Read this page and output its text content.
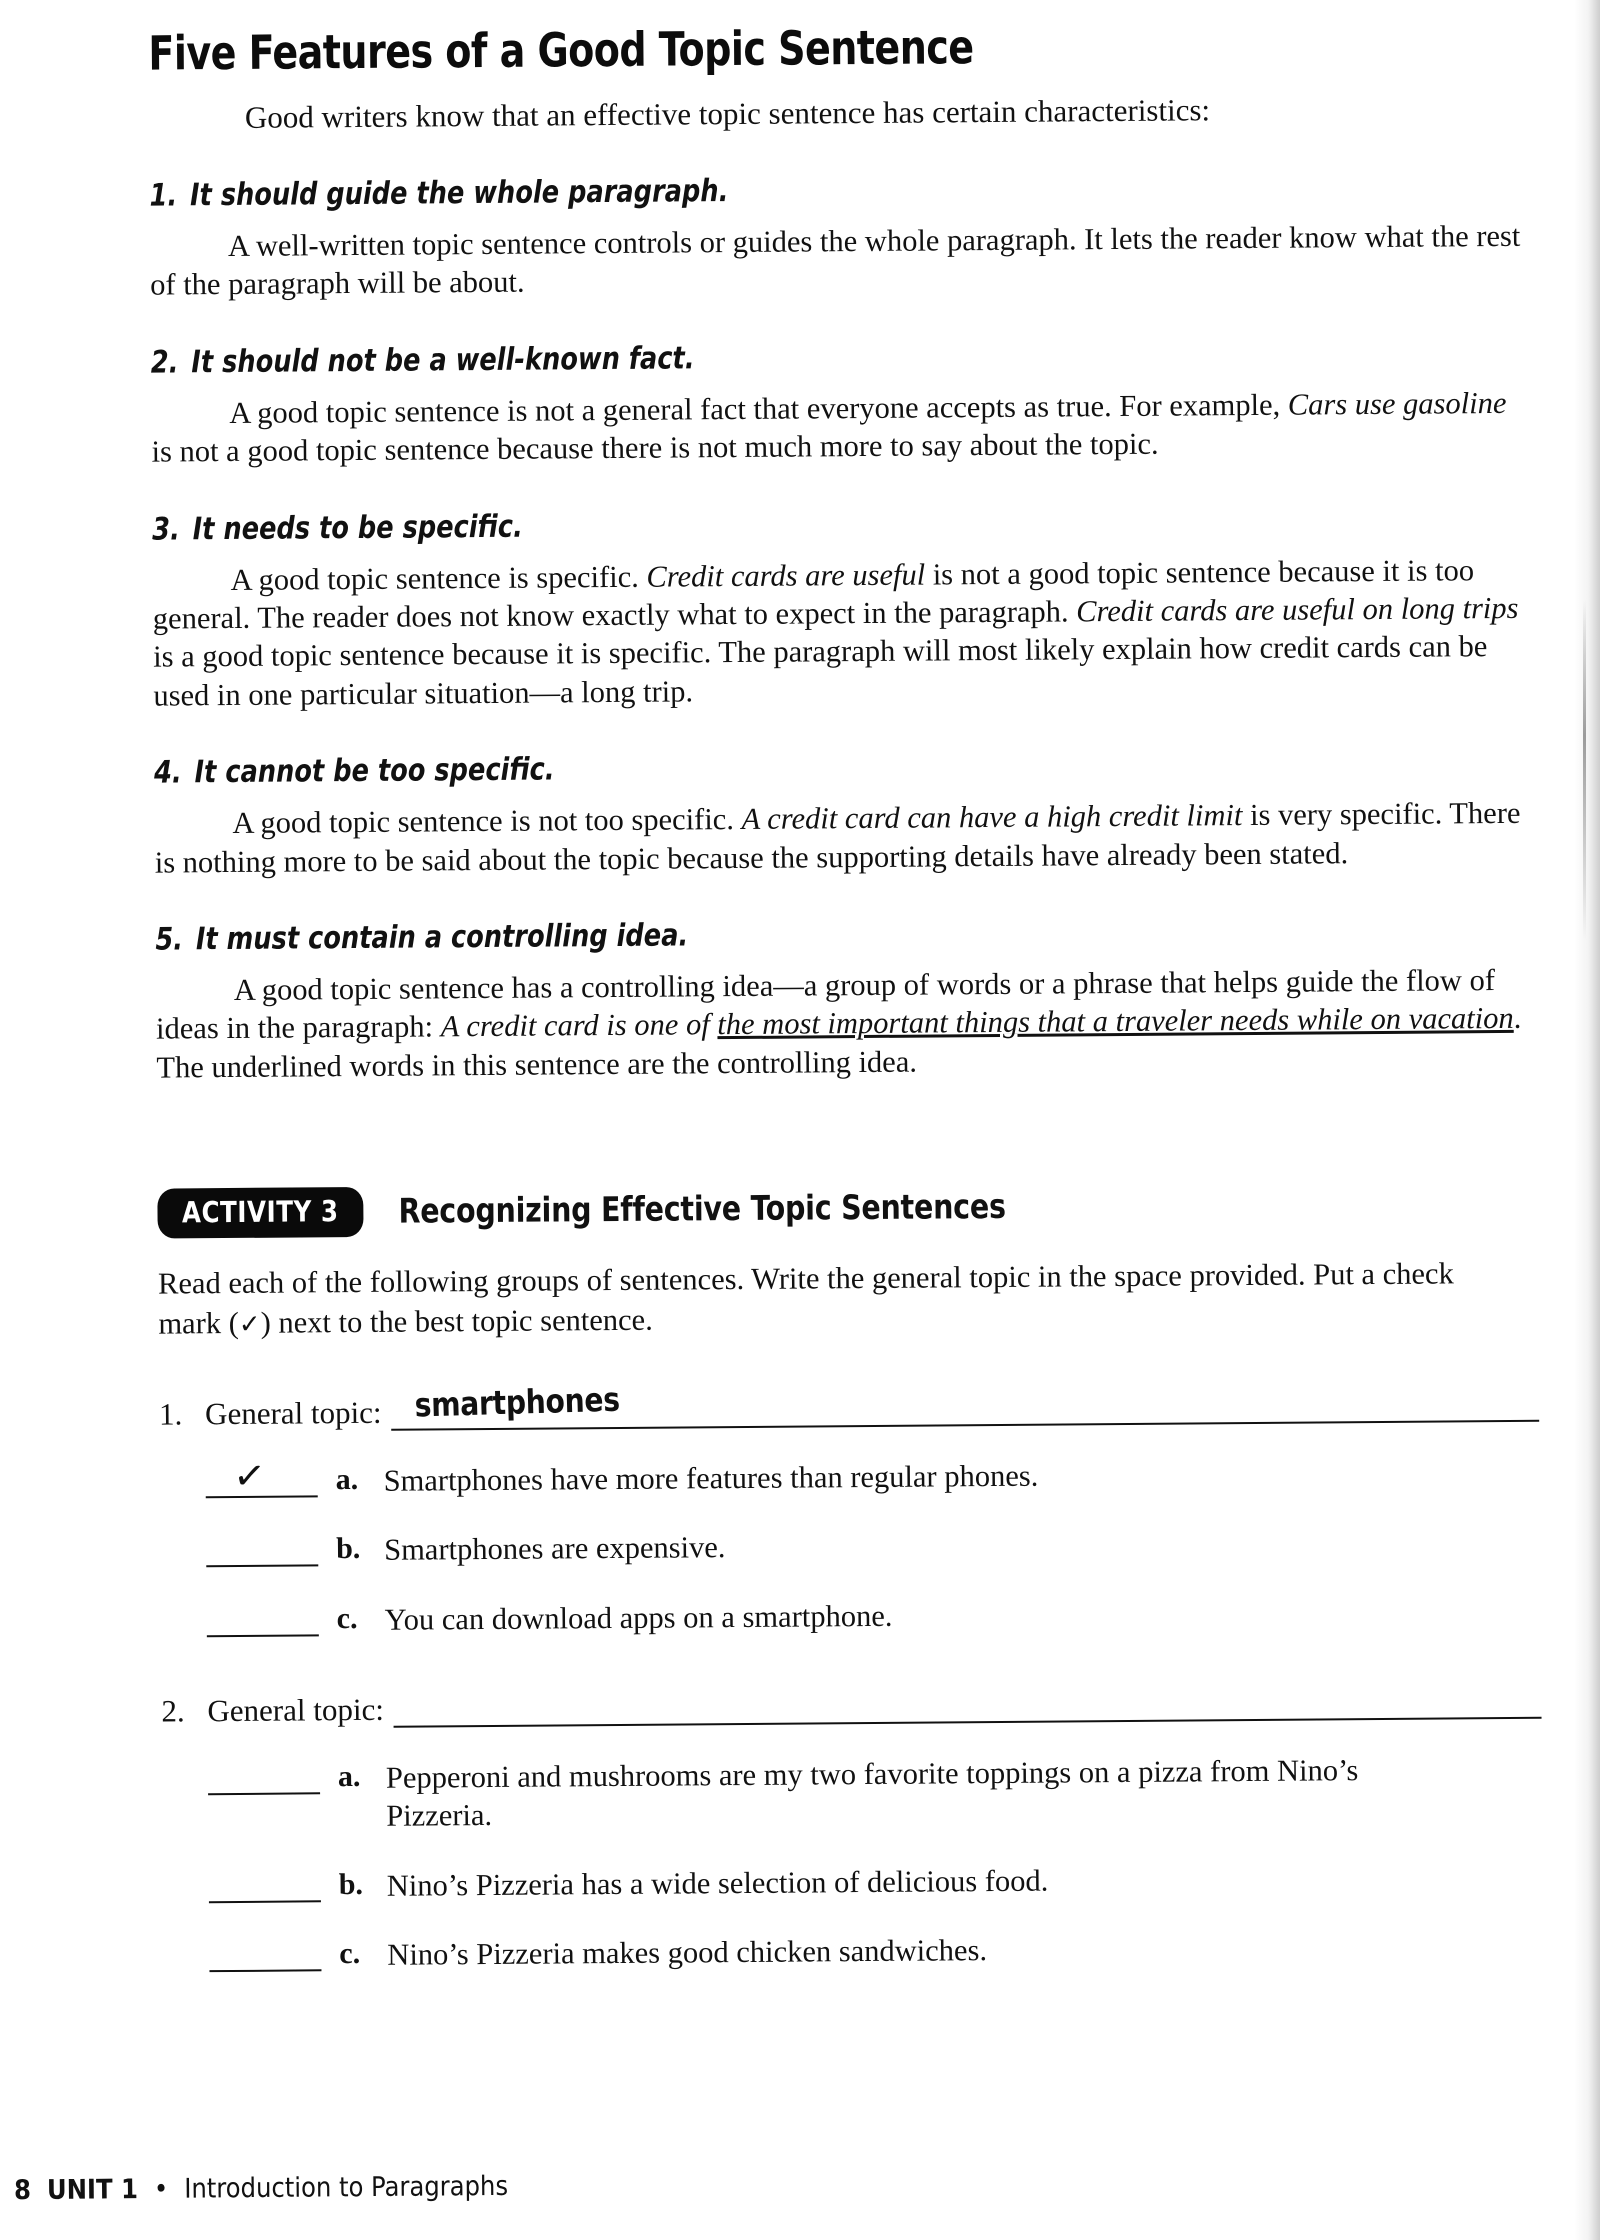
Five Features of a Good Topic Sentence

Good writers know that an effective topic sentence has certain characteristics:

1. It should guide the whole paragraph.

A well-written topic sentence controls or guides the whole paragraph. It lets the reader know what the rest of the paragraph will be about.

2. It should not be a well-known fact.

A good topic sentence is not a general fact that everyone accepts as true. For example, Cars use gasoline is not a good topic sentence because there is not much more to say about the topic.

3. It needs to be specific.

A good topic sentence is specific. Credit cards are useful is not a good topic sentence because it is too general. The reader does not know exactly what to expect in the paragraph. Credit cards are useful on long trips is a good topic sentence because it is specific. The paragraph will most likely explain how credit cards can be used in one particular situation—a long trip.

4. It cannot be too specific.

A good topic sentence is not too specific. A credit card can have a high credit limit is very specific. There is nothing more to be said about the topic because the supporting details have already been stated.

5. It must contain a controlling idea.

A good topic sentence has a controlling idea—a group of words or a phrase that helps guide the flow of ideas in the paragraph: A credit card is one of the most important things that a traveler needs while on vacation. The underlined words in this sentence are the controlling idea.

ACTIVITY 3	Recognizing Effective Topic Sentences

Read each of the following groups of sentences. Write the general topic in the space provided. Put a check mark (✓) next to the best topic sentence.

1. General topic: smartphones
✓ a. Smartphones have more features than regular phones.
b. Smartphones are expensive.
c. You can download apps on a smartphone.
2. General topic:
a. Pepperoni and mushrooms are my two favorite toppings on a pizza from Nino’s Pizzeria.
b. Nino’s Pizzeria has a wide selection of delicious food.
c. Nino’s Pizzeria makes good chicken sandwiches.
8 UNIT 1 • Introduction to Paragraphs
